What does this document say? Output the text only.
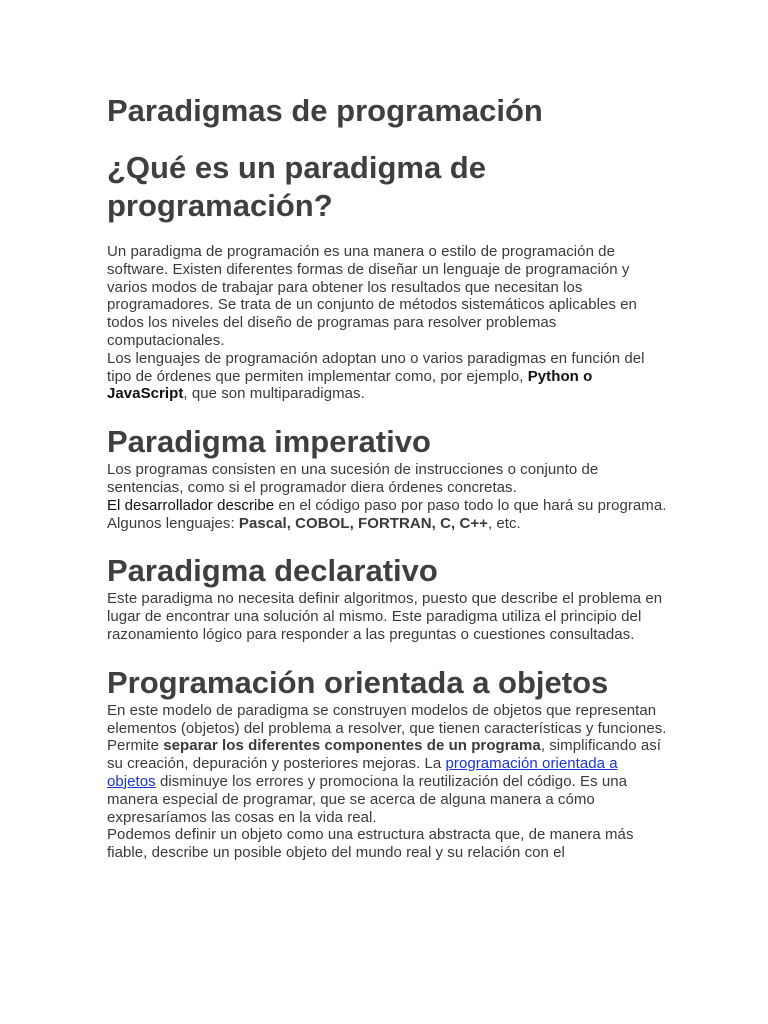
Paradigmas de programación
¿Qué es un paradigma de programación?

Un paradigma de programación es una manera o estilo de programación de software. Existen diferentes formas de diseñar un lenguaje de programación y varios modos de trabajar para obtener los resultados que necesitan los programadores. Se trata de un conjunto de métodos sistemáticos aplicables en todos los niveles del diseño de programas para resolver problemas computacionales.

Los lenguajes de programación adoptan uno o varios paradigmas en función del tipo de órdenes que permiten implementar como, por ejemplo, Python o JavaScript, que son multiparadigmas.

Paradigma imperativo

Los programas consisten en una sucesión de instrucciones o conjunto de sentencias, como si el programador diera órdenes concretas.

El desarrollador describe en el código paso por paso todo lo que hará su programa.

Algunos lenguajes: Pascal, COBOL, FORTRAN, C, C++, etc.

Paradigma declarativo

Este paradigma no necesita definir algoritmos, puesto que describe el problema en lugar de encontrar una solución al mismo. Este paradigma utiliza el principio del razonamiento lógico para responder a las preguntas o cuestiones consultadas.

Programación orientada a objetos

En este modelo de paradigma se construyen modelos de objetos que representan elementos (objetos) del problema a resolver, que tienen características y funciones. Permite separar los diferentes componentes de un programa, simplificando así su creación, depuración y posteriores mejoras. La programación orientada a objetos disminuye los errores y promociona la reutilización del código. Es una manera especial de programar, que se acerca de alguna manera a cómo expresaríamos las cosas en la vida real.

Podemos definir un objeto como una estructura abstracta que, de manera más fiable, describe un posible objeto del mundo real y su relación con el
